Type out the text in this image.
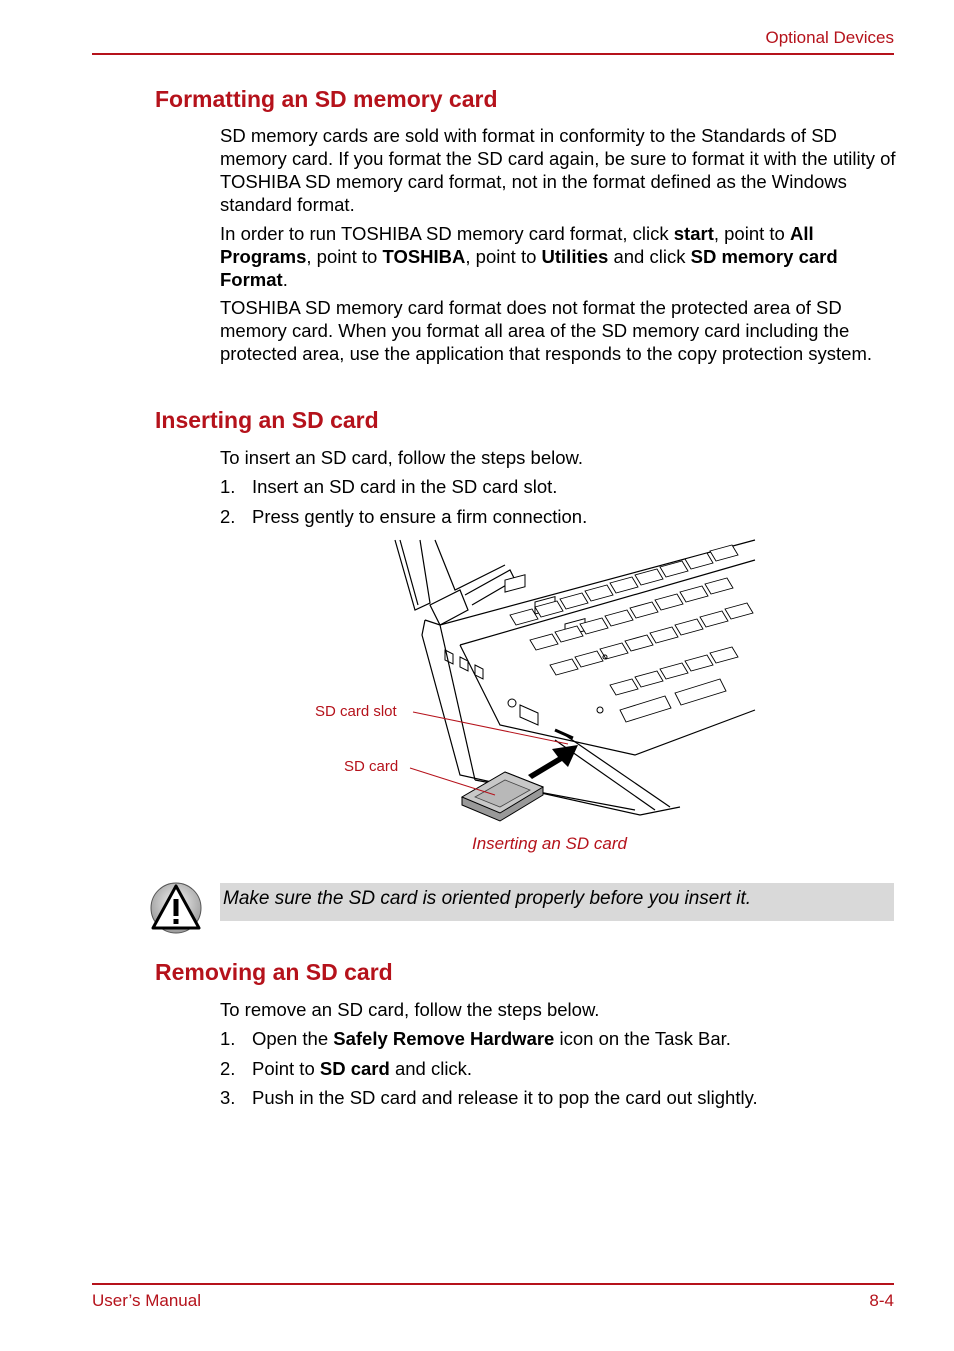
Optional Devices
Formatting an SD memory card

SD memory cards are sold with format in conformity to the Standards of SD memory card. If you format the SD card again, be sure to format it with the utility of TOSHIBA SD memory card format, not in the format defined as the Windows standard format.

In order to run TOSHIBA SD memory card format, click start, point to All Programs, point to TOSHIBA, point to Utilities and click SD memory card Format.

TOSHIBA SD memory card format does not format the protected area of SD memory card. When you format all area of the SD memory card including the protected area, use the application that responds to the copy protection system.

Inserting an SD card

To insert an SD card, follow the steps below.

1. Insert an SD card in the SD card slot.
2. Press gently to ensure a firm connection.
SD card slot
SD card
Inserting an SD card
Make sure the SD card is oriented properly before you insert it.
Removing an SD card

To remove an SD card, follow the steps below.

1. Open the Safely Remove Hardware icon on the Task Bar.
2. Point to SD card and click.
3. Push in the SD card and release it to pop the card out slightly.
User’s Manual	8-4
